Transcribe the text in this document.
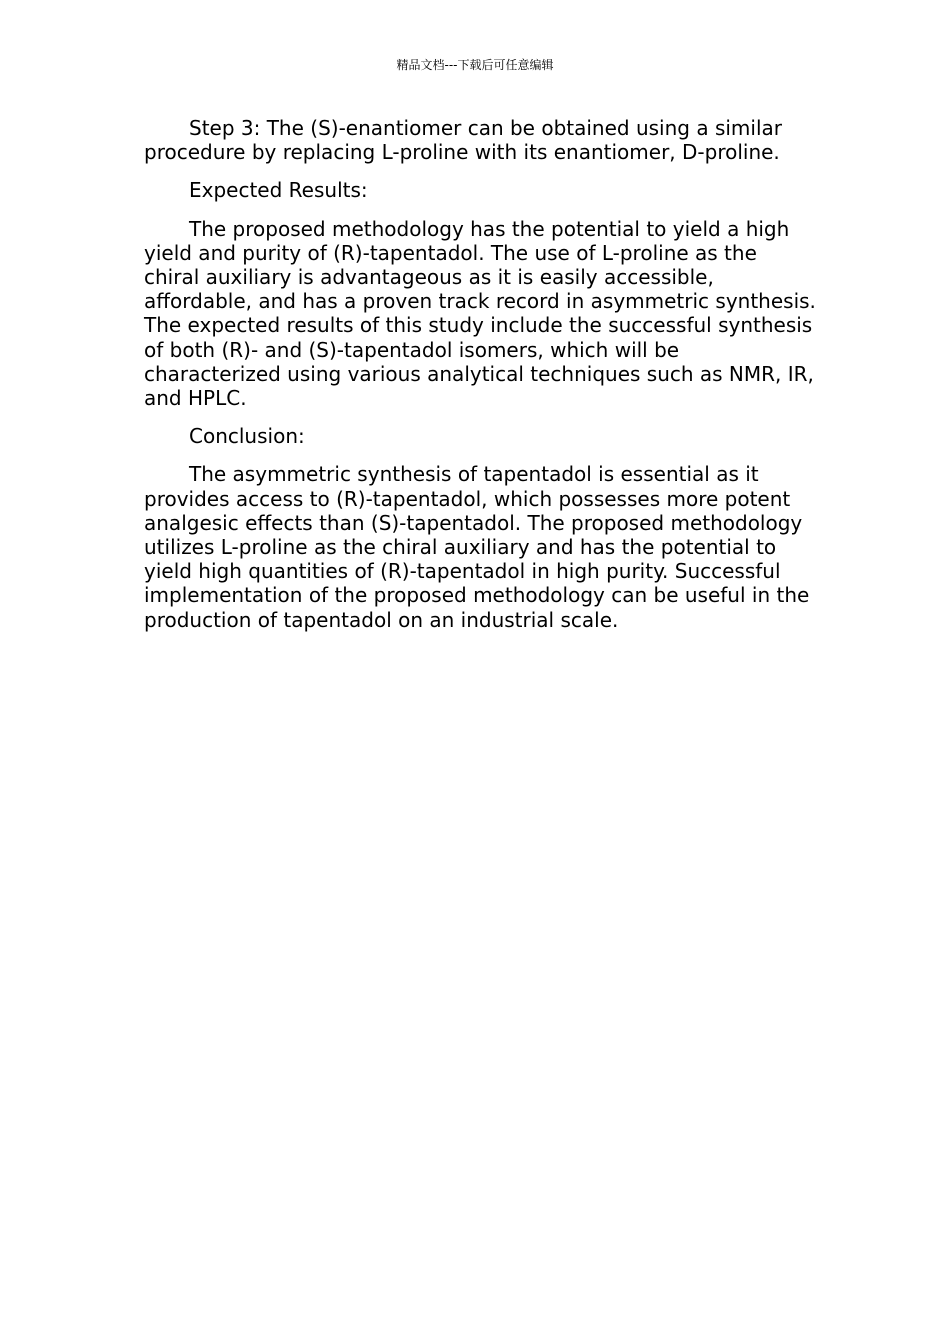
精品文档---下载后可任意编辑

Step 3: The (S)-enantiomer can be obtained using a similar procedure by replacing L-proline with its enantiomer, D-proline.

Expected Results:

The proposed methodology has the potential to yield a high yield and purity of (R)-tapentadol. The use of L-proline as the chiral auxiliary is advantageous as it is easily accessible, affordable, and has a proven track record in asymmetric synthesis. The expected results of this study include the successful synthesis of both (R)- and (S)-tapentadol isomers, which will be characterized using various analytical techniques such as NMR, IR, and HPLC.

Conclusion:

The asymmetric synthesis of tapentadol is essential as it provides access to (R)-tapentadol, which possesses more potent analgesic effects than (S)-tapentadol. The proposed methodology utilizes L-proline as the chiral auxiliary and has the potential to yield high quantities of (R)-tapentadol in high purity. Successful implementation of the proposed methodology can be useful in the production of tapentadol on an industrial scale.
